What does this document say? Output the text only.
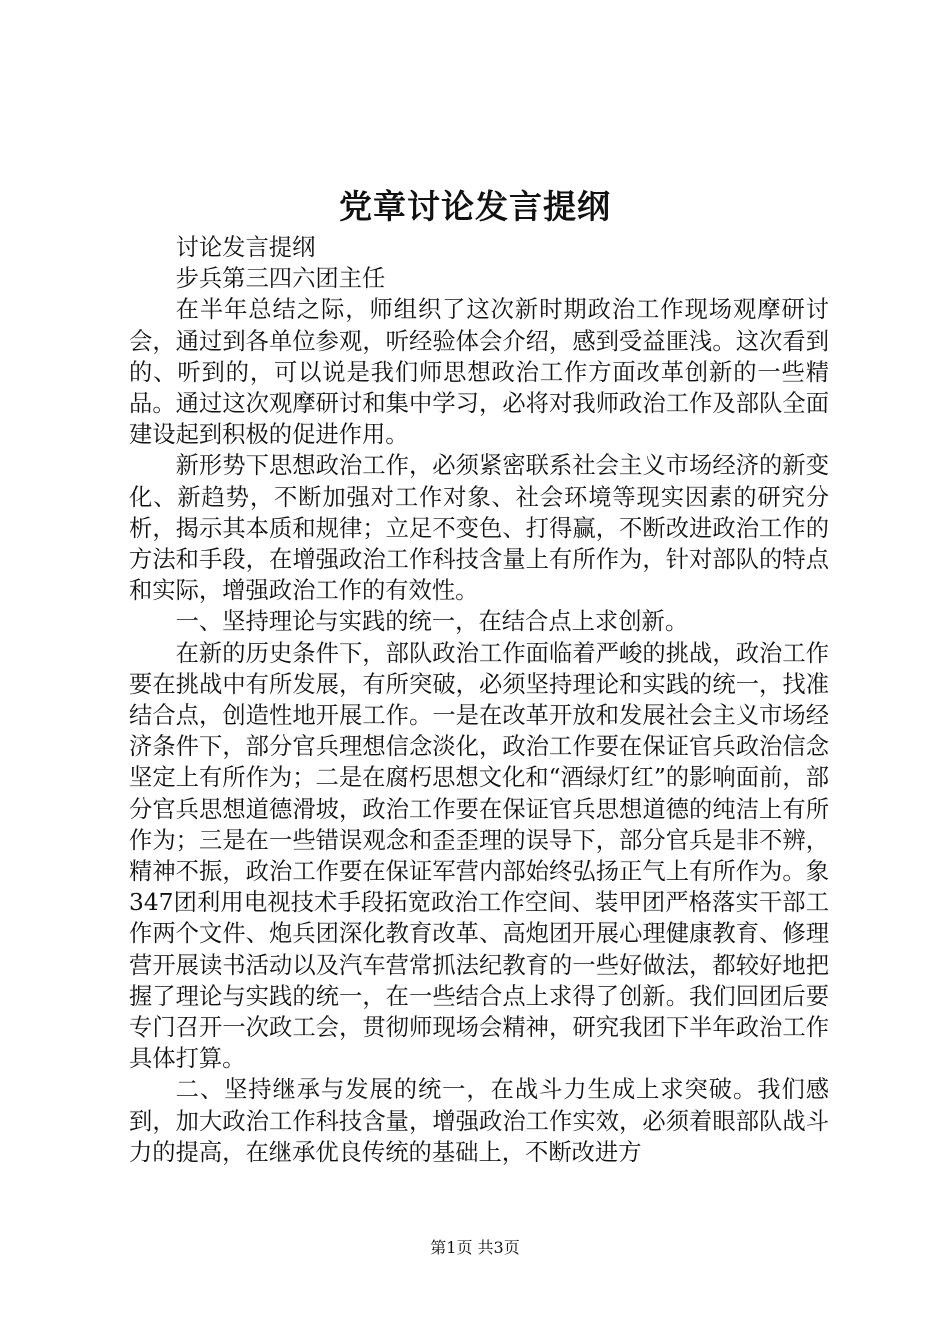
党章讨论发言提纲

讨论发言提纲

步兵第三四六团主任

在半年总结之际，师组织了这次新时期政治工作现场观摩研讨会，通过到各单位参观，听经验体会介绍，感到受益匪浅。这次看到的、听到的，可以说是我们师思想政治工作方面改革创新的一些精品。通过这次观摩研讨和集中学习，必将对我师政治工作及部队全面建设起到积极的促进作用。

新形势下思想政治工作，必须紧密联系社会主义市场经济的新变化、新趋势，不断加强对工作对象、社会环境等现实因素的研究分析，揭示其本质和规律；立足不变色、打得赢，不断改进政治工作的方法和手段，在增强政治工作科技含量上有所作为，针对部队的特点和实际，增强政治工作的有效性。

一、坚持理论与实践的统一，在结合点上求创新。

在新的历史条件下，部队政治工作面临着严峻的挑战，政治工作要在挑战中有所发展，有所突破，必须坚持理论和实践的统一，找准结合点，创造性地开展工作。一是在改革开放和发展社会主义市场经济条件下，部分官兵理想信念淡化，政治工作要在保证官兵政治信念坚定上有所作为；二是在腐朽思想文化和“酒绿灯红”的影响面前，部分官兵思想道德滑坡，政治工作要在保证官兵思想道德的纯洁上有所作为；三是在一些错误观念和歪歪理的误导下，部分官兵是非不辨，精神不振，政治工作要在保证军营内部始终弘扬正气上有所作为。象347团利用电视技术手段拓宽政治工作空间、装甲团严格落实干部工作两个文件、炮兵团深化教育改革、高炮团开展心理健康教育、修理营开展读书活动以及汽车营常抓法纪教育的一些好做法，都较好地把握了理论与实践的统一，在一些结合点上求得了创新。我们回团后要专门召开一次政工会，贯彻师现场会精神，研究我团下半年政治工作具体打算。

二、坚持继承与发展的统一，在战斗力生成上求突破。我们感到，加大政治工作科技含量，增强政治工作实效，必须着眼部队战斗力的提高，在继承优良传统的基础上，不断改进方

第1页 共3页
